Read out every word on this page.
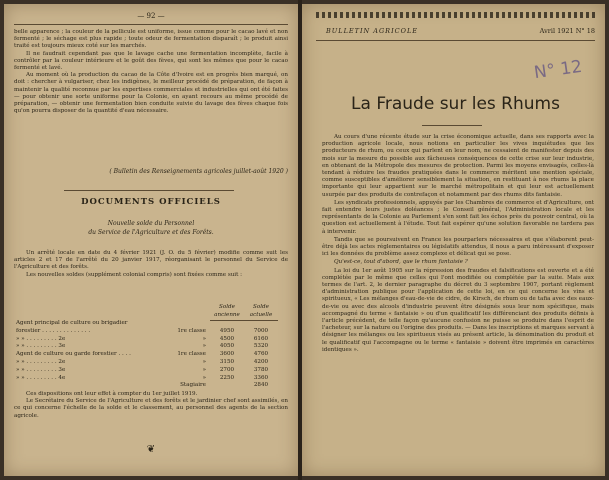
— 92 —

belle apparence ; la couleur de la pellicule est uniforme, issue comme pour le cacao lavé et non fermenté ; le séchage est plus rapide ; toute odeur de fermentation disparaît ; le produit ainsi traité est toujours mieux coté sur les marchés.

Il ne faudrait cependant pas que le lavage cache une fermentation incomplète, facile à contrôler par la couleur intérieure et le goût des fèves, qui sont les mêmes que pour le cacao fermenté et lavé.

Au moment où la production du cacao de la Côte d'Ivoire est en progrès bien marqué, on doit : chercher à vulgariser, chez les indigènes, le meilleur procédé de préparation, de façon à maintenir la qualité reconnue par les expertises commerciales et industrielles qui ont été faites — pour obtenir une sorte uniforme pour la Colonie, en ayant recours au même procédé de préparation, — obtenir une fermentation bien conduite suivie du lavage des fèves chaque fois qu'on pourra disposer de la quantité d'eau nécessaire.

( Bulletin des Renseignements agricoles juillet-août 1920 )
DOCUMENTS OFFICIELS
Nouvelle solde du Personnel
du Service de l'Agriculture et des Forêts.

Un arrêté locale en date du 4 février 1921 (J. O. du 5 février) modifie comme suit les articles 2 et 17 de l'arrêté du 20 janvier 1917, réorganisant le personnel du Service de l'Agriculture et des forêts.

Les nouvelles soldes (supplément colonial compris) sont fixées comme suit :

		Solde ancienne	Solde actuelle
Agent principal de culture ou brigadier			
forestier . . . . . . . . . . . . . .	1re classe	4950	7000
» » . . . . . . . . . 2e	»	4500	6160
» » . . . . . . . . . 3e	»	4050	5320
Agent de culture ou garde forestier . . . .	1re classe	3600	4760
» » . . . . . . . . . 2e	»	3150	4200
» » . . . . . . . . . 3e	»	2700	3780
» » . . . . . . . . . 4e	»	2250	3360
	Stagiaire		2840

Ces dispositions ont leur effet à compter du 1er juillet 1919.

Le Secrétaire du Service de l'Agriculture et des forêts et le jardinier chef sont assimilés, en ce qui concerne l'échelle de la solde et le classement, au personnel des agents de la section agricole.

❦
BULLETIN AGRICOLE	Avril 1921 N° 18
N° 12
La Fraude sur les Rhums

Au cours d'une récente étude sur la crise économique actuelle, dans ses rapports avec la production agricole locale, nous notions en particulier les vives inquiétudes que les producteurs de rhum, ou ceux qui parlent en leur nom, ne cessaient de manifester depuis des mois sur la mesure du possible aux fâcheuses conséquences de cette crise sur leur industrie, en obtenant de la Métropole des mesures de protection. Parmi les moyens envisagés, celles-là tendant à réduire les fraudes pratiquées dans le commerce méritent une mention spéciale, comme susceptibles d'améliorer sensiblement la situation, en restituant à nos rhums la place importante qui leur appartient sur le marché métropolitain et qui leur est actuellement usurpée par des produits de contrefaçon et notamment par des rhums dits fantaisie.

Les syndicats professionnels, appuyés par les Chambres de commerce et d'Agriculture, ont fait entendre leurs justes doléances ; le Conseil général, l'Administration locale et les représentants de la Colonie au Parlement s'en sont fait les échos près du pouvoir central, où la question est actuellement à l'étude. Tout fait espérer qu'une solution favorable ne tardera pas à intervenir.

Tandis que se poursuivent en France les pourparlers nécessaires et que s'élaborent peut-être déjà les actes réglementaires ou législatifs attendus, il nous a paru intéressant d'exposer ici les données du problème assez complexe et délicat qui se pose.

Qu'est-ce, tout d'abord, que le rhum fantaisie ?

La loi du 1er août 1905 sur la répression des fraudes et falsifications est ouverte et a été complétée par le même que celles qui l'ont modifiée ou complétée par la suite. Mais aux termes de l'art. 2, le dernier paragraphe du décret du 3 septembre 1907, portant règlement d'administration publique pour l'application de cette loi, en ce qui concerne les vins et spiritueux, « Les mélanges d'eau-de-vie de cidre, de Kirsch, de rhum ou de tafia avec des eaux-de-vie ou avec des alcools d'industrie peuvent être désignés sous leur nom spécifique, mais accompagné du terme « fantaisie » ou d'un qualificatif les différenciant des produits définis à l'article précédent, de telle façon qu'aucune confusion ne puisse se produire dans l'esprit de l'acheteur, sur la nature ou l'origine des produits. — Dans les inscriptions et marques servant à désigner les mélanges ou les spiritueux visés au présent article, la dénomination du produit et le qualificatif qui l'accompagne ou le terme « fantaisie » doivent être imprimés en caractères identiques ».
